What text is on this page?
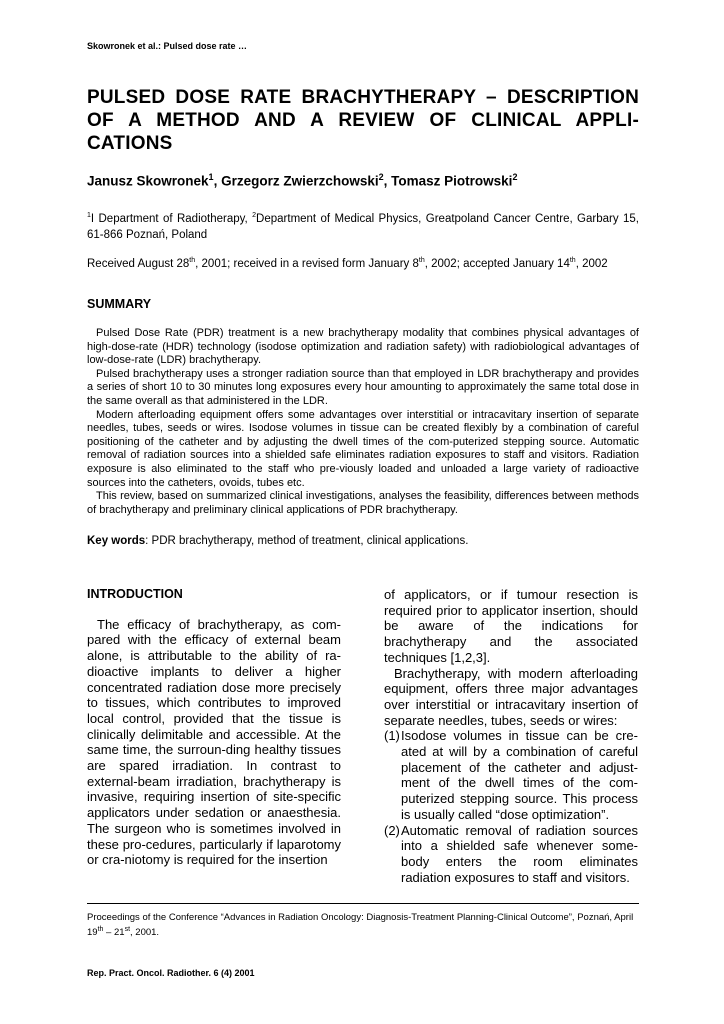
Skowronek et al.: Pulsed dose rate …
PULSED DOSE RATE BRACHYTHERAPY – DESCRIPTION OF A METHOD AND A REVIEW OF CLINICAL APPLI-CATIONS
Janusz Skowronek$^1$, Grzegorz Zwierzchowski$^2$, Tomasz Piotrowski$^2$
$^1$I Department of Radiotherapy, $^2$Department of Medical Physics, Greatpoland Cancer Centre, Garbary 15, 61-866 Poznań, Poland
Received August 28th, 2001; received in a revised form January 8th, 2002; accepted January 14th, 2002
SUMMARY

Pulsed Dose Rate (PDR) treatment is a new brachytherapy modality that combines physical advantages of high-dose-rate (HDR) technology (isodose optimization and radiation safety) with radiobiological advantages of low-dose-rate (LDR) brachytherapy.

Pulsed brachytherapy uses a stronger radiation source than that employed in LDR brachytherapy and provides a series of short 10 to 30 minutes long exposures every hour amounting to approximately the same total dose in the same overall as that administered in the LDR.

Modern afterloading equipment offers some advantages over interstitial or intracavitary insertion of separate needles, tubes, seeds or wires. Isodose volumes in tissue can be created flexibly by a combination of careful positioning of the catheter and by adjusting the dwell times of the com-puterized stepping source. Automatic removal of radiation sources into a shielded safe eliminates radiation exposures to staff and visitors. Radiation exposure is also eliminated to the staff who pre-viously loaded and unloaded a large variety of radioactive sources into the catheters, ovoids, tubes etc.

This review, based on summarized clinical investigations, analyses the feasibility, differences between methods of brachytherapy and preliminary clinical applications of PDR brachytherapy.

Key words: PDR brachytherapy, method of treatment, clinical applications.

INTRODUCTION

The efficacy of brachytherapy, as com-pared with the efficacy of external beam alone, is attributable to the ability of ra-dioactive implants to deliver a higher concentrated radiation dose more precisely to tissues, which contributes to improved local control, provided that the tissue is clinically delimitable and accessible. At the same time, the surroun-ding healthy tissues are spared irradiation. In contrast to external-beam irradiation, brachytherapy is invasive, requiring insertion of site-specific applicators under sedation or anaesthesia. The surgeon who is sometimes involved in these pro-cedures, particularly if laparotomy or cra-niotomy is required for the insertion

of applicators, or if tumour resection is required prior to applicator insertion, should be aware of the indications for brachytherapy and the associated techniques [1,2,3].

Brachytherapy, with modern afterloading equipment, offers three major advantages over interstitial or intracavitary insertion of separate needles, tubes, seeds or wires:

(1) Isodose volumes in tissue can be cre-ated at will by a combination of careful placement of the catheter and adjust-ment of the dwell times of the com-puterized stepping source. This process is usually called “dose optimization”.
(2) Automatic removal of radiation sources into a shielded safe whenever some-body enters the room eliminates radiation exposures to staff and visitors.
Proceedings of the Conference “Advances in Radiation Oncology: Diagnosis-Treatment Planning-Clinical Outcome”, Poznań, April 19th – 21st, 2001.
Rep. Pract. Oncol. Radiother. 6 (4) 2001
